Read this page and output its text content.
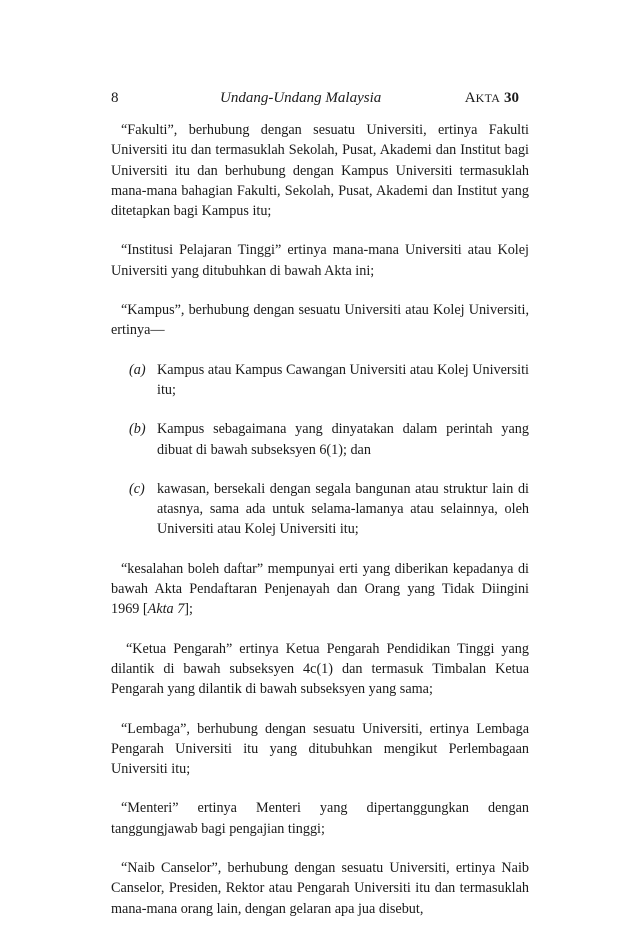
8	Undang-Undang Malaysia	AKTA 30

“Fakulti”, berhubung dengan sesuatu Universiti, ertinya Fakulti Universiti itu dan termasuklah Sekolah, Pusat, Akademi dan Institut bagi Universiti itu dan berhubung dengan Kampus Universiti termasuklah mana-mana bahagian Fakulti, Sekolah, Pusat, Akademi dan Institut yang ditetapkan bagi Kampus itu;

“Institusi Pelajaran Tinggi” ertinya mana-mana Universiti atau Kolej Universiti yang ditubuhkan di bawah Akta ini;

“Kampus”, berhubung dengan sesuatu Universiti atau Kolej Universiti, ertinya—

(a) Kampus atau Kampus Cawangan Universiti atau Kolej Universiti itu;
(b) Kampus sebagaimana yang dinyatakan dalam perintah yang dibuat di bawah subseksyen 6(1); dan
(c) kawasan, bersekali dengan segala bangunan atau struktur lain di atasnya, sama ada untuk selama-lamanya atau selainnya, oleh Universiti atau Kolej Universiti itu;

“kesalahan boleh daftar” mempunyai erti yang diberikan kepadanya di bawah Akta Pendaftaran Penjenayah dan Orang yang Tidak Diingini 1969 [Akta 7];

“Ketua Pengarah” ertinya Ketua Pengarah Pendidikan Tinggi yang dilantik di bawah subseksyen 4c(1) dan termasuk Timbalan Ketua Pengarah yang dilantik di bawah subseksyen yang sama;

“Lembaga”, berhubung dengan sesuatu Universiti, ertinya Lembaga Pengarah Universiti itu yang ditubuhkan mengikut Perlembagaan Universiti itu;

“Menteri” ertinya Menteri yang dipertanggungkan dengan tanggungjawab bagi pengajian tinggi;

“Naib Canselor”, berhubung dengan sesuatu Universiti, ertinya Naib Canselor, Presiden, Rektor atau Pengarah Universiti itu dan termasuklah mana-mana orang lain, dengan gelaran apa jua disebut,
